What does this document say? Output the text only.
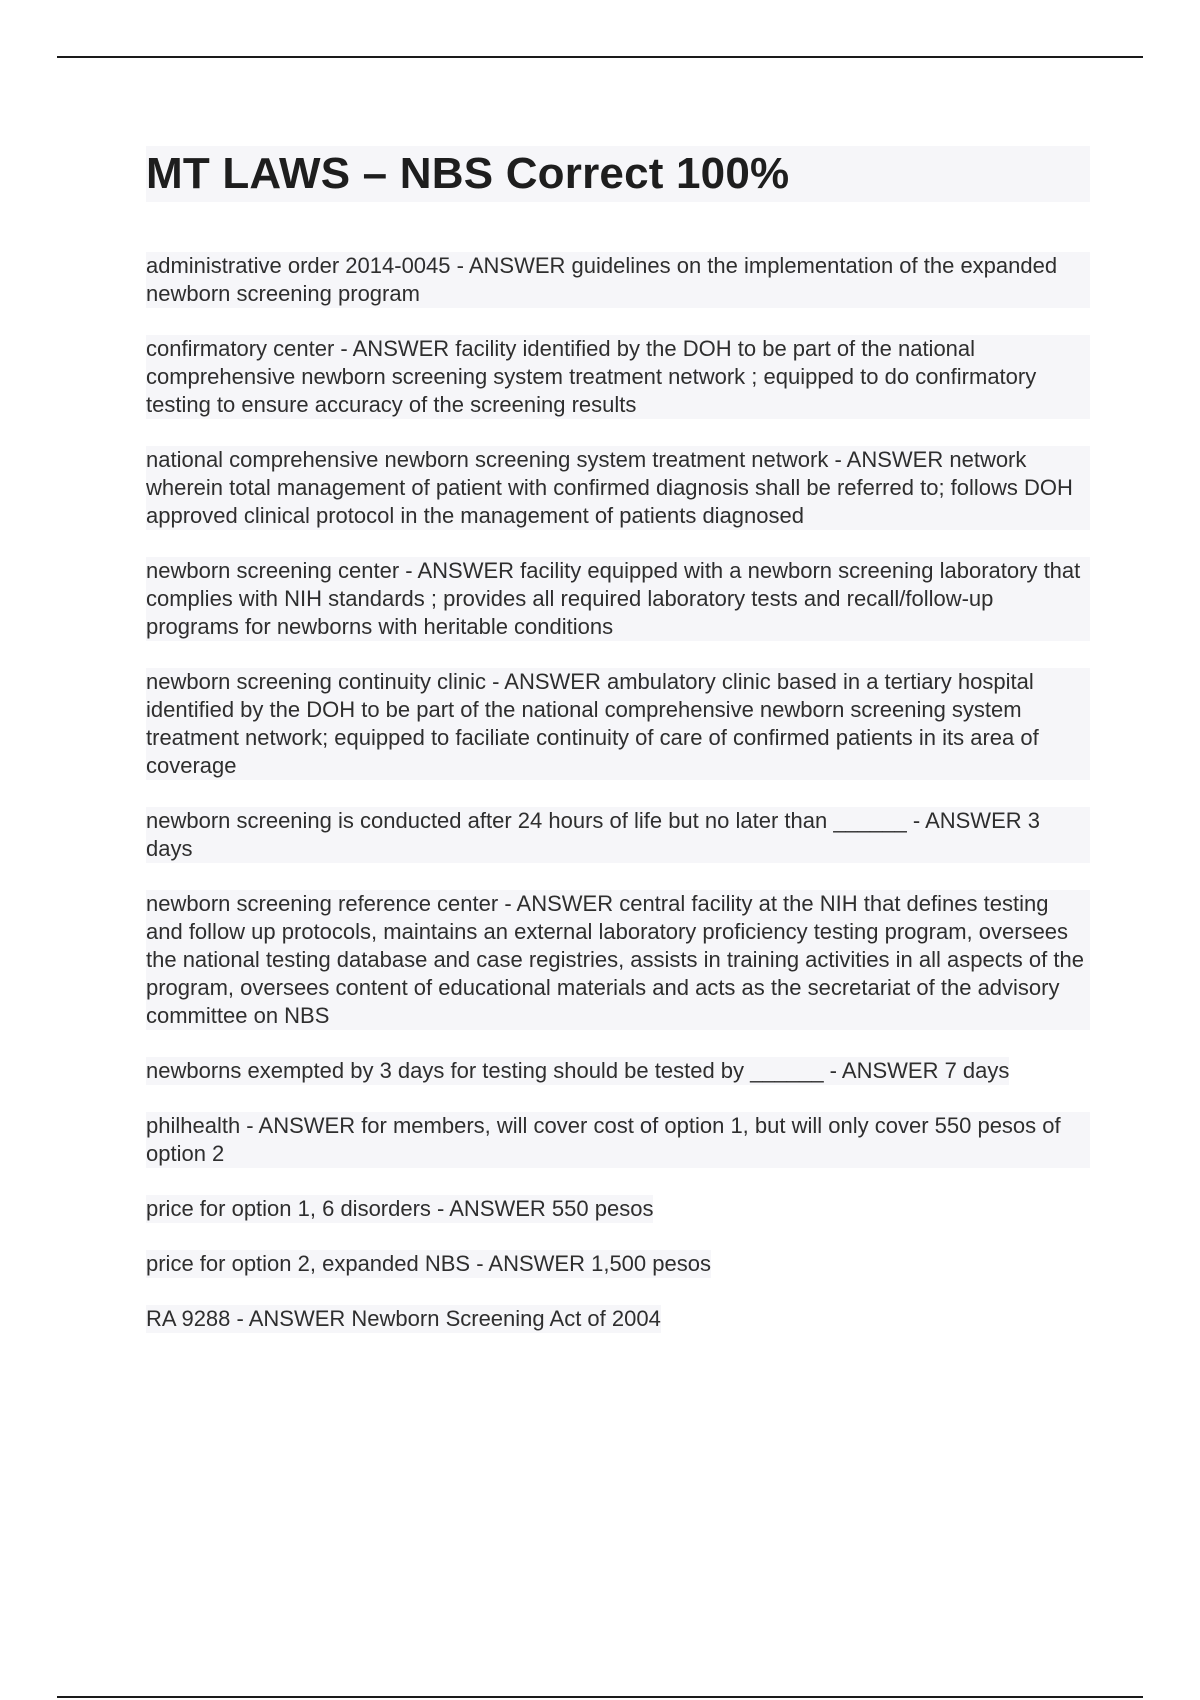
MT LAWS – NBS Correct 100%

administrative order 2014-0045 - ANSWER guidelines on the implementation of the expanded newborn screening program

confirmatory center - ANSWER facility identified by the DOH to be part of the national comprehensive newborn screening system treatment network ; equipped to do confirmatory testing to ensure accuracy of the screening results

national comprehensive newborn screening system treatment network - ANSWER network wherein total management of patient with confirmed diagnosis shall be referred to; follows DOH approved clinical protocol in the management of patients diagnosed

newborn screening center - ANSWER facility equipped with a newborn screening laboratory that complies with NIH standards ; provides all required laboratory tests and recall/follow-up programs for newborns with heritable conditions

newborn screening continuity clinic - ANSWER ambulatory clinic based in a tertiary hospital identified by the DOH to be part of the national comprehensive newborn screening system treatment network; equipped to faciliate continuity of care of confirmed patients in its area of coverage

newborn screening is conducted after 24 hours of life but no later than ______ - ANSWER 3 days

newborn screening reference center - ANSWER central facility at the NIH that defines testing and follow up protocols, maintains an external laboratory proficiency testing program, oversees the national testing database and case registries, assists in training activities in all aspects of the program, oversees content of educational materials and acts as the secretariat of the advisory committee on NBS

newborns exempted by 3 days for testing should be tested by ______ - ANSWER 7 days

philhealth - ANSWER for members, will cover cost of option 1, but will only cover 550 pesos of option 2

price for option 1, 6 disorders - ANSWER 550 pesos

price for option 2, expanded NBS - ANSWER 1,500 pesos

RA 9288 - ANSWER Newborn Screening Act of 2004
